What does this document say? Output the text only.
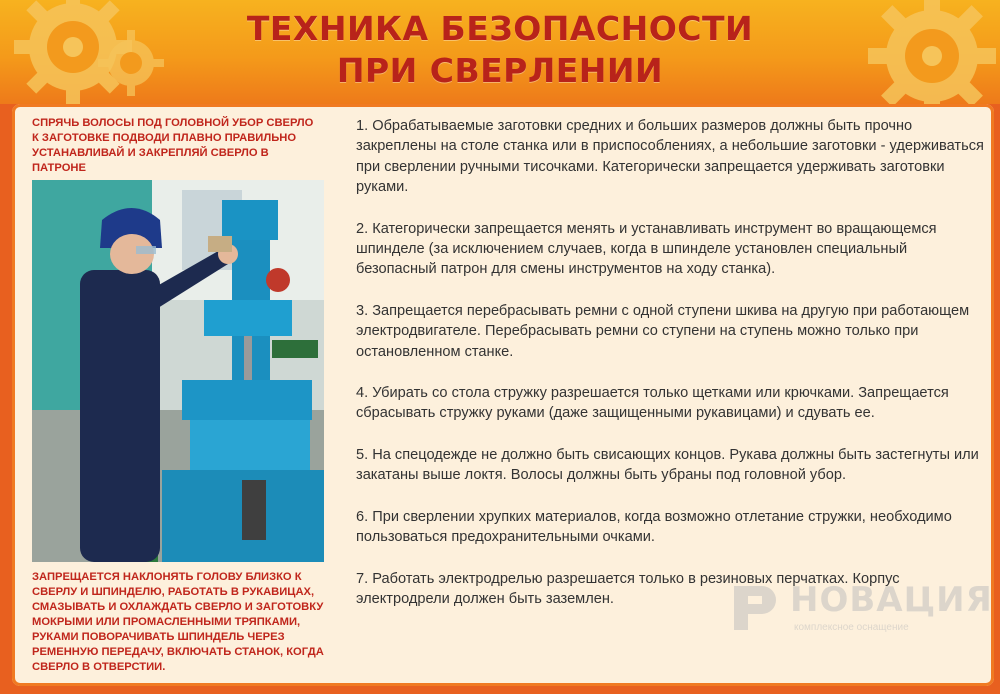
ТЕХНИКА БЕЗОПАСНОСТИ
ПРИ СВЕРЛЕНИИ
СПРЯЧЬ ВОЛОСЫ ПОД ГОЛОВНОЙ УБОР СВЕРЛО К ЗАГОТОВКЕ ПОДВОДИ ПЛАВНО ПРАВИЛЬНО УСТАНАВЛИВАЙ И ЗАКРЕПЛЯЙ СВЕРЛО В ПАТРОНЕ
ЗАПРЕЩАЕТСЯ НАКЛОНЯТЬ ГОЛОВУ БЛИЗКО К СВЕРЛУ И ШПИНДЕЛЮ, РАБОТАТЬ В РУКАВИЦАХ, СМАЗЫВАТЬ И ОХЛАЖДАТЬ СВЕРЛО И ЗАГОТОВКУ МОКРЫМИ ИЛИ ПРОМАСЛЕННЫМИ ТРЯПКАМИ, РУКАМИ ПОВОРАЧИВАТЬ ШПИНДЕЛЬ ЧЕРЕЗ РЕМЕННУЮ ПЕРЕДАЧУ, ВКЛЮЧАТЬ СТАНОК, КОГДА СВЕРЛО В ОТВЕРСТИИ.

1. Обрабатываемые заготовки средних и больших размеров должны быть прочно закреплены на столе станка или в приспособлениях, а небольшие заготовки - удерживаться при сверлении ручными тисочками. Категорически запрещается удерживать заготовки руками.

2. Категорически запрещается менять и устанавливать инструмент во вращающемся шпинделе (за исключением случаев, когда в шпинделе установлен специальный безопасный патрон для смены инструментов на ходу станка).

3. Запрещается перебрасывать ремни с одной ступени шкива на другую при работающем электродвигателе. Перебрасывать ремни со ступени на ступень можно только при остановленном станке.

4. Убирать со стола стружку разрешается только щетками или крючками. Запрещается сбрасывать стружку руками (даже защищенными рукавицами) и сдувать ее.

5. На спецодежде не должно быть свисающих концов. Рукава должны быть застегнуты или закатаны выше локтя. Волосы должны быть убраны под головной убор.

6. При сверлении хрупких материалов, когда возможно отлетание стружки, необходимо пользоваться предохранительными очками.

7. Работать электродрелью разрешается только в резиновых перчатках. Корпус электродрели должен быть заземлен.	НОВАЦИЯ
комплексное оснащение
